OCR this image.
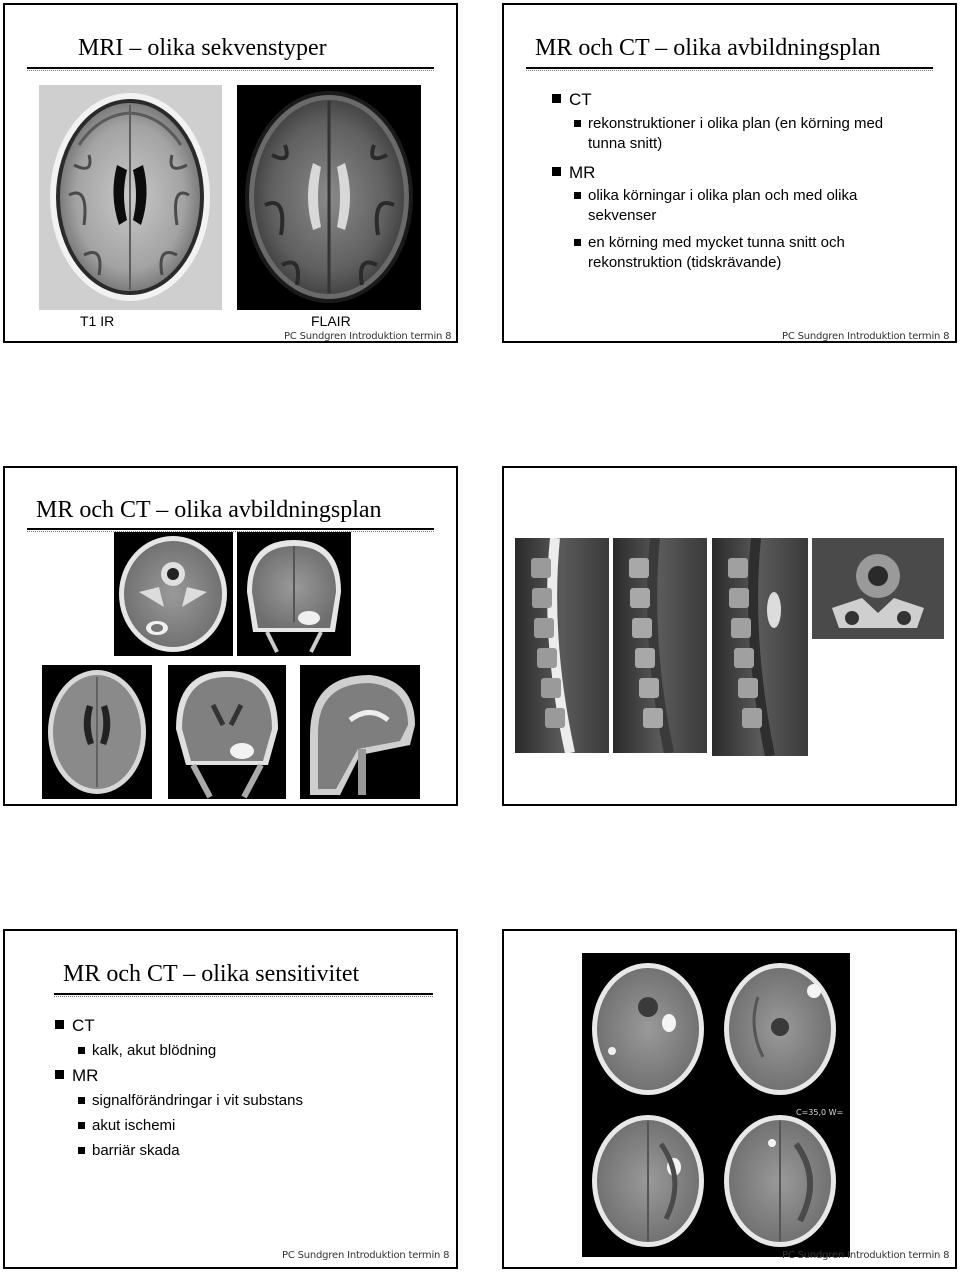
MRI – olika sekvenstyper
T1 IR	FLAIR
PC Sundgren Introduktion termin 8
MR och CT – olika avbildningsplan
CT
rekonstruktioner i olika plan (en körning med tunna snitt)
MR
olika körningar i olika plan och med olika sekvenser
en körning med mycket tunna snitt och rekonstruktion (tidskrävande)
PC Sundgren Introduktion termin 8
MR och CT – olika avbildningsplan
MR och CT – olika sensitivitet
CT
kalk, akut blödning
MR
signalförändringar i vit substans
akut ischemi
barriär skada
PC Sundgren Introduktion termin 8
C=35,0 W=
PC Sundgren Introduktion termin 8
